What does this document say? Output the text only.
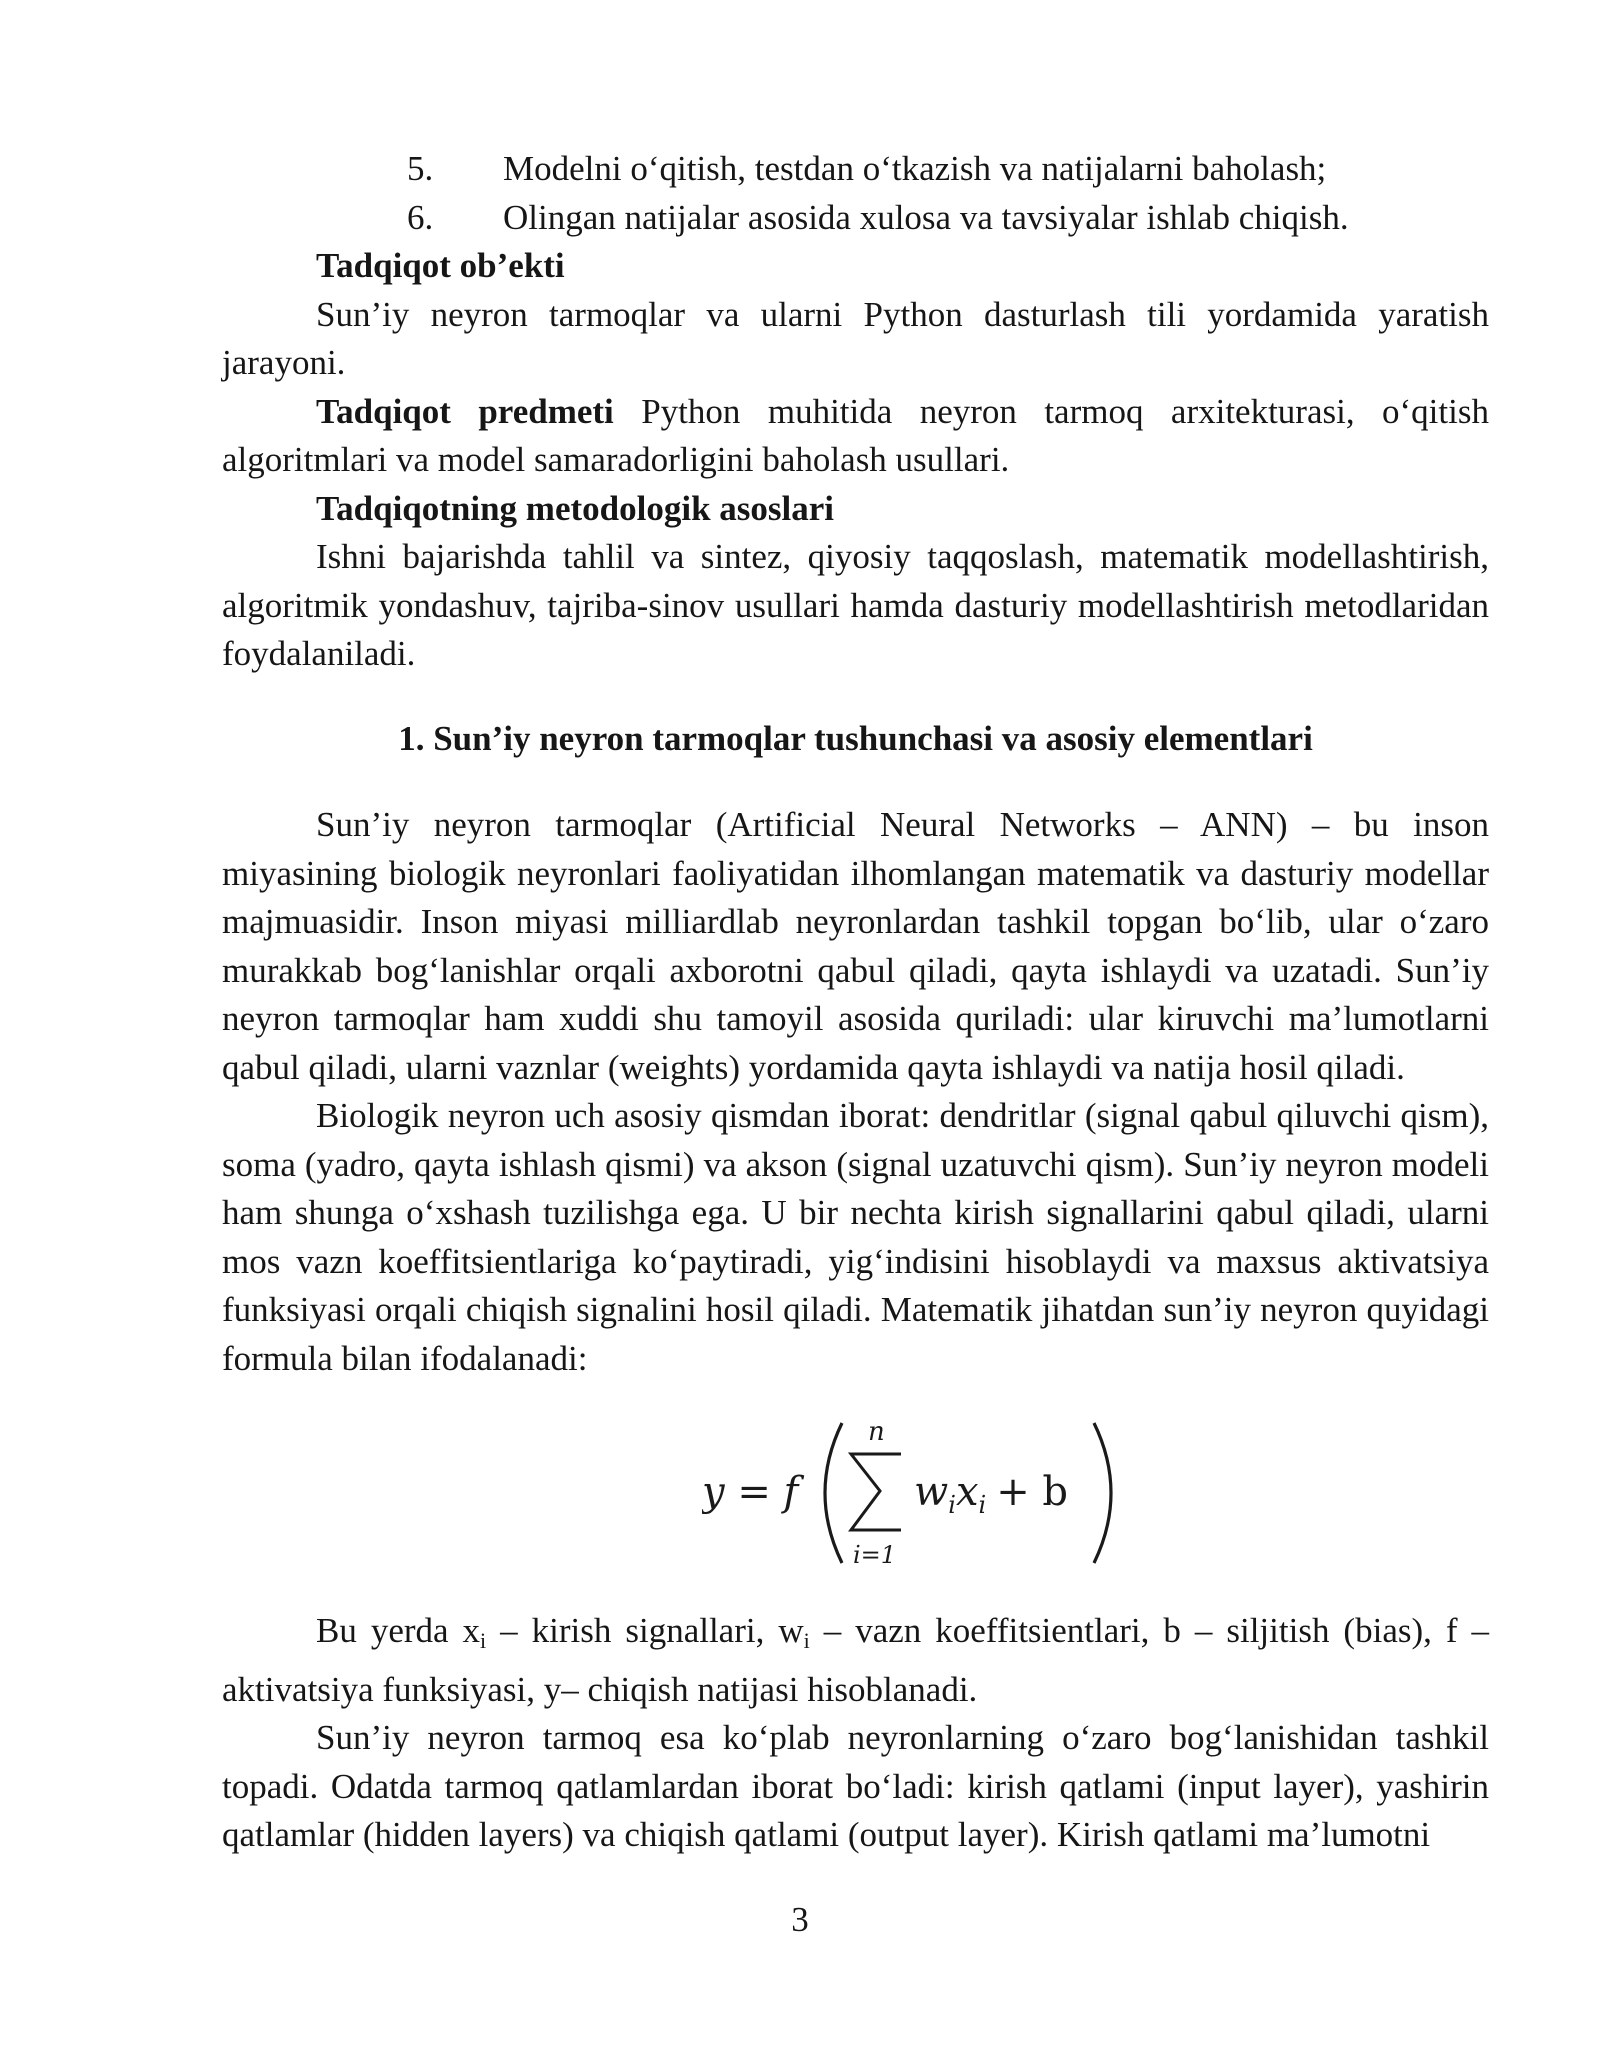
5.	Modelni o‘qitish, testdan o‘tkazish va natijalarni baholash;
6.	Olingan natijalar asosida xulosa va tavsiyalar ishlab chiqish.
Tadqiqot ob’ekti

Sun’iy neyron tarmoqlar va ularni Python dasturlash tili yordamida yaratish jarayoni.

Tadqiqot predmeti Python muhitida neyron tarmoq arxitekturasi, o‘qitish algoritmlari va model samaradorligini baholash usullari.

Tadqiqotning metodologik asoslari

Ishni bajarishda tahlil va sintez, qiyosiy taqqoslash, matematik modellashtirish, algoritmik yondashuv, tajriba-sinov usullari hamda dasturiy modellashtirish metodlaridan foydalaniladi.

1. Sun’iy neyron tarmoqlar tushunchasi va asosiy elementlari

Sun’iy neyron tarmoqlar (Artificial Neural Networks – ANN) – bu inson miyasining biologik neyronlari faoliyatidan ilhomlangan matematik va dasturiy modellar majmuasidir. Inson miyasi milliardlab neyronlardan tashkil topgan bo‘lib, ular o‘zaro murakkab bog‘lanishlar orqali axborotni qabul qiladi, qayta ishlaydi va uzatadi. Sun’iy neyron tarmoqlar ham xuddi shu tamoyil asosida quriladi: ular kiruvchi ma’lumotlarni qabul qiladi, ularni vaznlar (weights) yordamida qayta ishlaydi va natija hosil qiladi.

Biologik neyron uch asosiy qismdan iborat: dendritlar (signal qabul qiluvchi qism), soma (yadro, qayta ishlash qismi) va akson (signal uzatuvchi qism). Sun’iy neyron modeli ham shunga o‘xshash tuzilishga ega. U bir nechta kirish signallarini qabul qiladi, ularni mos vazn koeffitsientlariga ko‘paytiradi, yig‘indisini hisoblaydi va maxsus aktivatsiya funksiyasi orqali chiqish signalini hosil qiladi. Matematik jihatdan sun’iy neyron quyidagi formula bilan ifodalanadi:

y = f
n
i=1
$w_ix_i + b$

Bu yerda $x_i$ – kirish signallari, $w_i$ – vazn koeffitsientlari, b – siljitish (bias), f – aktivatsiya funksiyasi, y– chiqish natijasi hisoblanadi.

Sun’iy neyron tarmoq esa ko‘plab neyronlarning o‘zaro bog‘lanishidan tashkil topadi. Odatda tarmoq qatlamlardan iborat bo‘ladi: kirish qatlami (input layer), yashirin qatlamlar (hidden layers) va chiqish qatlami (output layer). Kirish qatlami ma’lumotni

3
